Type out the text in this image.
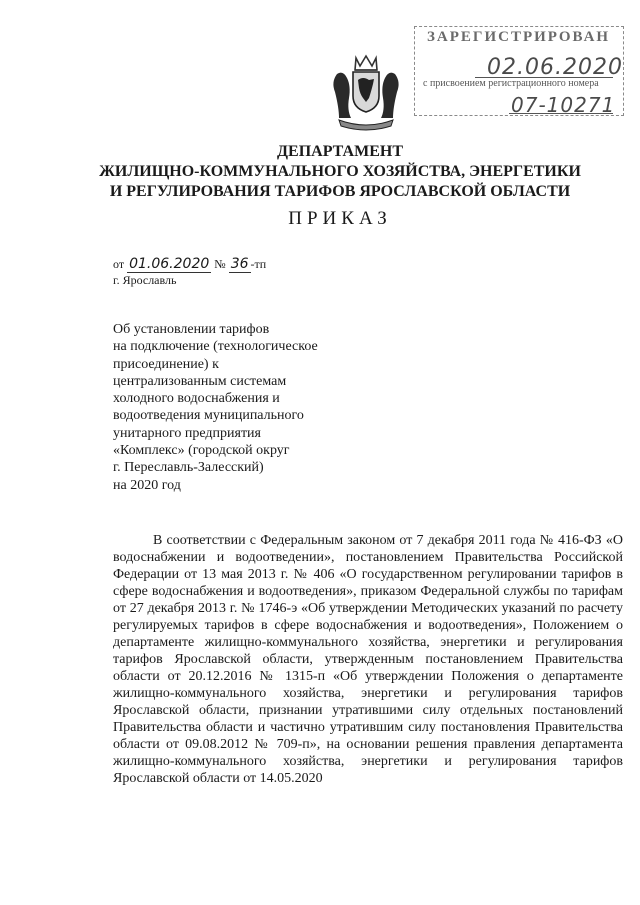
ЗАРЕГИСТРИРОВАН
02.06.2020
с присвоением регистрационного номера
07-10271
ДЕПАРТАМЕНТ
ЖИЛИЩНО-КОММУНАЛЬНОГО ХОЗЯЙСТВА, ЭНЕРГЕТИКИ
И РЕГУЛИРОВАНИЯ ТАРИФОВ ЯРОСЛАВСКОЙ ОБЛАСТИ
ПРИКАЗ
от 01.06.2020 № 36 -тп
г. Ярославль
Об установлении тарифов
на подключение (технологическое
присоединение) к
централизованным системам
холодного водоснабжения и
водоотведения муниципального
унитарного предприятия
«Комплекс» (городской округ
г. Переславль-Залесский)
на 2020 год
В соответствии с Федеральным законом от 7 декабря 2011 года № 416-ФЗ «О водоснабжении и водоотведении», постановлением Правительства Российской Федерации от 13 мая 2013 г. № 406 «О государственном регулировании тарифов в сфере водоснабжения и водоотведения», приказом Федеральной службы по тарифам от 27 декабря 2013 г. № 1746-э «Об утверждении Методических указаний по расчету регулируемых тарифов в сфере водоснабжения и водоотведения», Положением о департаменте жилищно-коммунального хозяйства, энергетики и регулирования тарифов Ярославской области, утвержденным постановлением Правительства области от 20.12.2016 № 1315-п «Об утверждении Положения о департаменте жилищно-коммунального хозяйства, энергетики и регулирования тарифов Ярославской области, признании утратившими силу отдельных постановлений Правительства области и частично утратившим силу постановления Правительства области от 09.08.2012 № 709-п», на основании решения правления департамента жилищно-коммунального хозяйства, энергетики и регулирования тарифов Ярославской области от 14.05.2020
